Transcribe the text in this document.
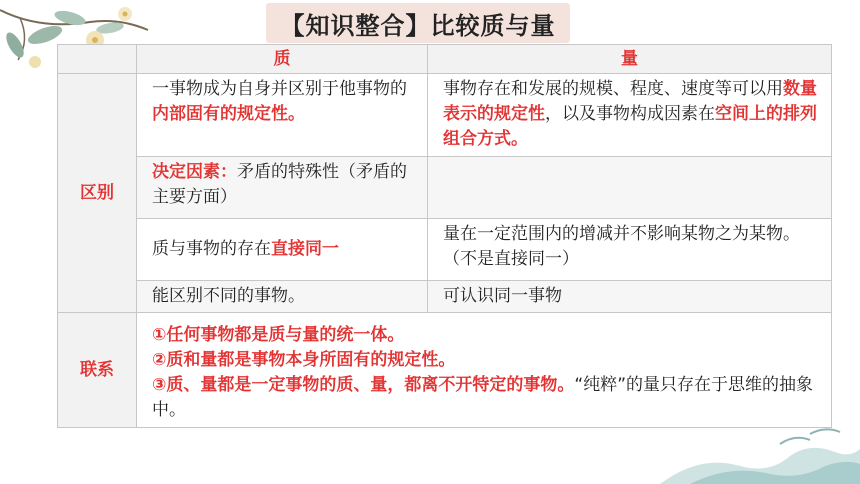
【知识整合】比较质与量
	质	量
区别	一事物成为自身并区别于他事物的内部固有的规定性。	事物存在和发展的规模、程度、速度等可以用数量表示的规定性，以及事物构成因素在空间上的排列组合方式。
	决定因素：矛盾的特殊性（矛盾的主要方面）	
	质与事物的存在直接同一	量在一定范围内的增减并不影响某物之为某物。（不是直接同一）
	能区别不同的事物。	可认识同一事物
联系	①任何事物都是质与量的统一体。
②质和量都是事物本身所固有的规定性。
③质、量都是一定事物的质、量，都离不开特定的事物。“纯粹”的量只存在于思维的抽象中。	
